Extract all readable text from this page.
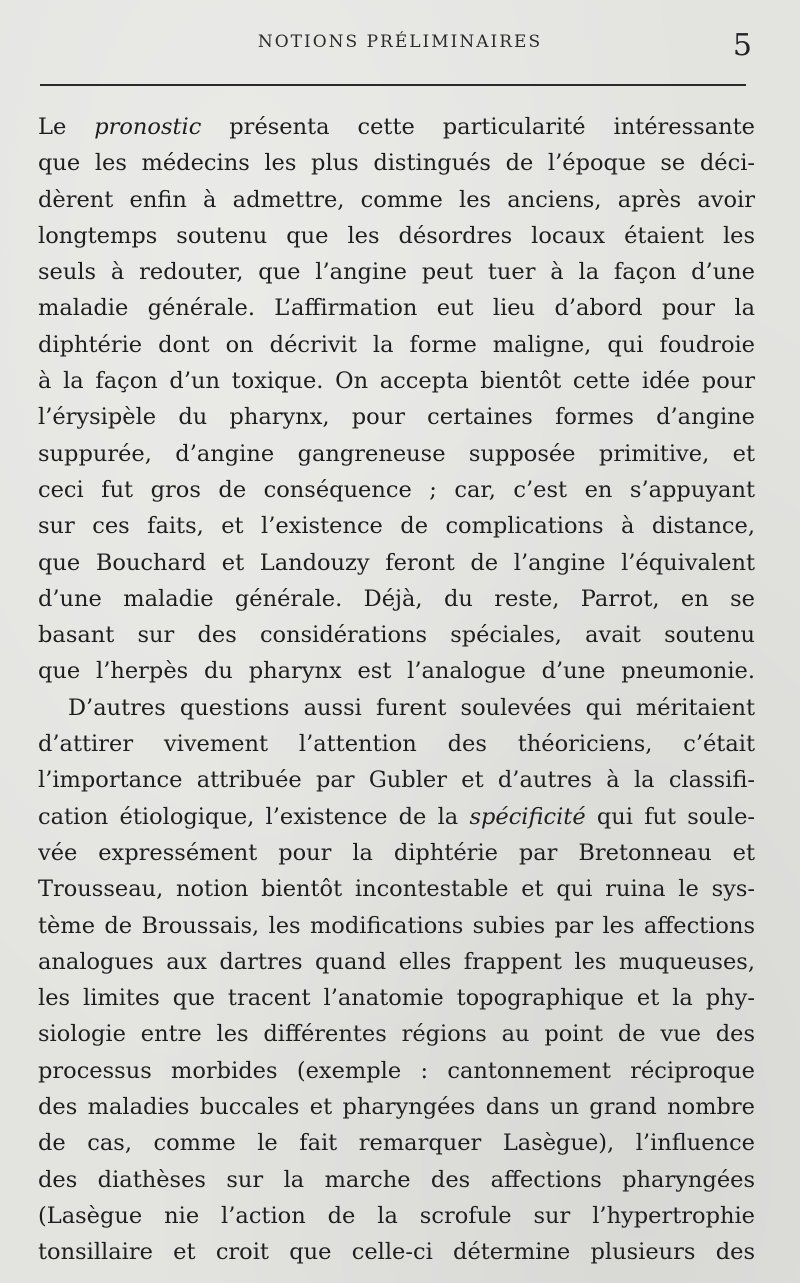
NOTIONS PRÉLIMINAIRES	5
Le pronostic présenta cette particularité intéressante
que les médecins les plus distingués de l’époque se déci-
dèrent enfin à admettre, comme les anciens, après avoir
longtemps soutenu que les désordres locaux étaient les
seuls à redouter, que l’angine peut tuer à la façon d’une
maladie générale. L’affirmation eut lieu d’abord pour la
diphtérie dont on décrivit la forme maligne, qui foudroie
à la façon d’un toxique. On accepta bientôt cette idée pour
l’érysipèle du pharynx, pour certaines formes d’angine
suppurée, d’angine gangreneuse supposée primitive, et
ceci fut gros de conséquence ; car, c’est en s’appuyant
sur ces faits, et l’existence de complications à distance,
que Bouchard et Landouzy feront de l’angine l’équivalent
d’une maladie générale. Déjà, du reste, Parrot, en se
basant sur des considérations spéciales, avait soutenu
que l’herpès du pharynx est l’analogue d’une pneumonie.
D’autres questions aussi furent soulevées qui méritaient
d’attirer vivement l’attention des théoriciens, c’était
l’importance attribuée par Gubler et d’autres à la classifi-
cation étiologique, l’existence de la spécificité qui fut soule-
vée expressément pour la diphtérie par Bretonneau et
Trousseau, notion bientôt incontestable et qui ruina le sys-
tème de Broussais, les modifications subies par les affections
analogues aux dartres quand elles frappent les muqueuses,
les limites que tracent l’anatomie topographique et la phy-
siologie entre les différentes régions au point de vue des
processus morbides (exemple : cantonnement réciproque
des maladies buccales et pharyngées dans un grand nombre
de cas, comme le fait remarquer Lasègue), l’influence
des diathèses sur la marche des affections pharyngées
(Lasègue nie l’action de la scrofule sur l’hypertrophie
tonsillaire et croit que celle-ci détermine plusieurs des
